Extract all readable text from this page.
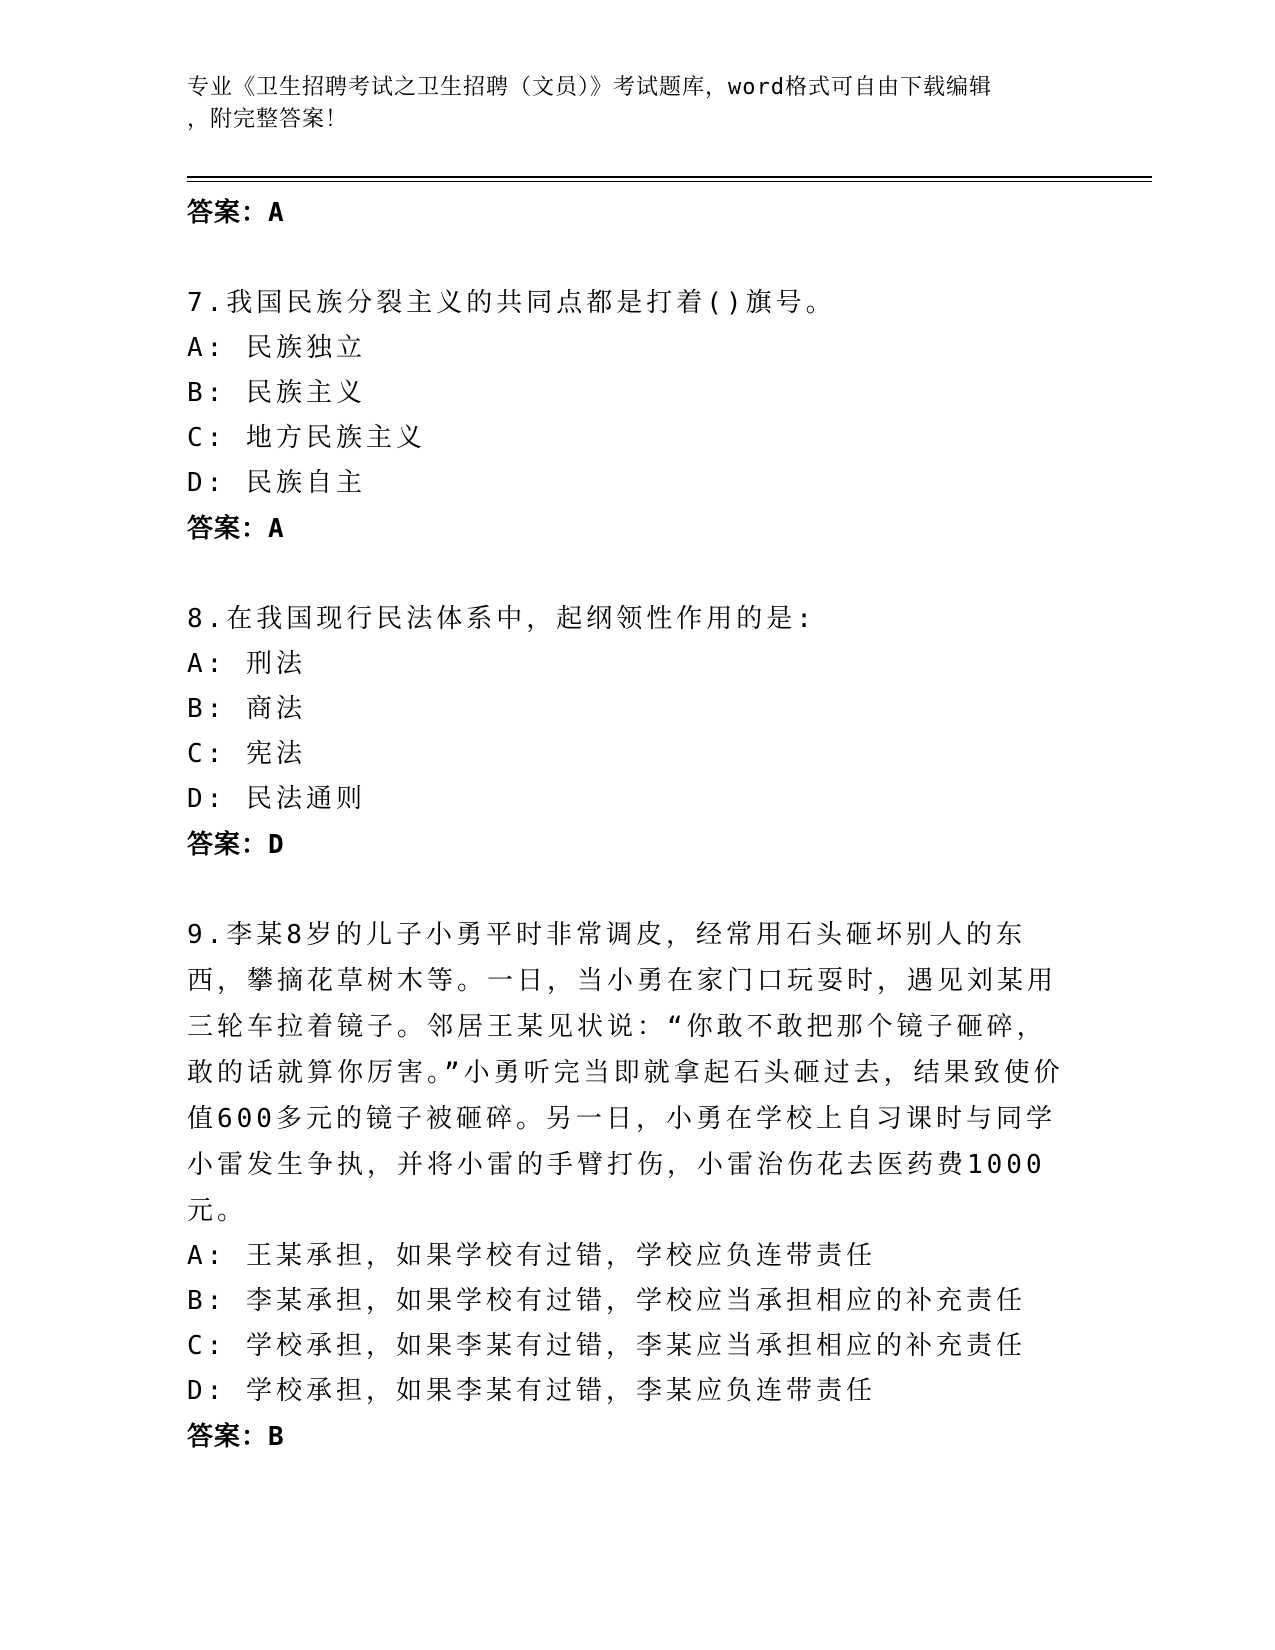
专业《卫生招聘考试之卫生招聘（文员）》考试题库，word格式可自由下载编辑
，附完整答案！
答案：A
7.我国民族分裂主义的共同点都是打着()旗号。
A: 民族独立
B: 民族主义
C: 地方民族主义
D: 民族自主
答案：A
8.在我国现行民法体系中，起纲领性作用的是:
A: 刑法
B: 商法
C: 宪法
D: 民法通则
答案：D
9.李某8岁的儿子小勇平时非常调皮，经常用石头砸坏别人的东西，攀摘花草树木等。一日，当小勇在家门口玩耍时，遇见刘某用三轮车拉着镜子。邻居王某见状说：“你敢不敢把那个镜子砸碎，敢的话就算你厉害。”小勇听完当即就拿起石头砸过去，结果致使价值600多元的镜子被砸碎。另一日，小勇在学校上自习课时与同学小雷发生争执，并将小雷的手臂打伤，小雷治伤花去医药费1000元。
A: 王某承担，如果学校有过错，学校应负连带责任
B: 李某承担，如果学校有过错，学校应当承担相应的补充责任
C: 学校承担，如果李某有过错，李某应当承担相应的补充责任
D: 学校承担，如果李某有过错，李某应负连带责任
答案：B
